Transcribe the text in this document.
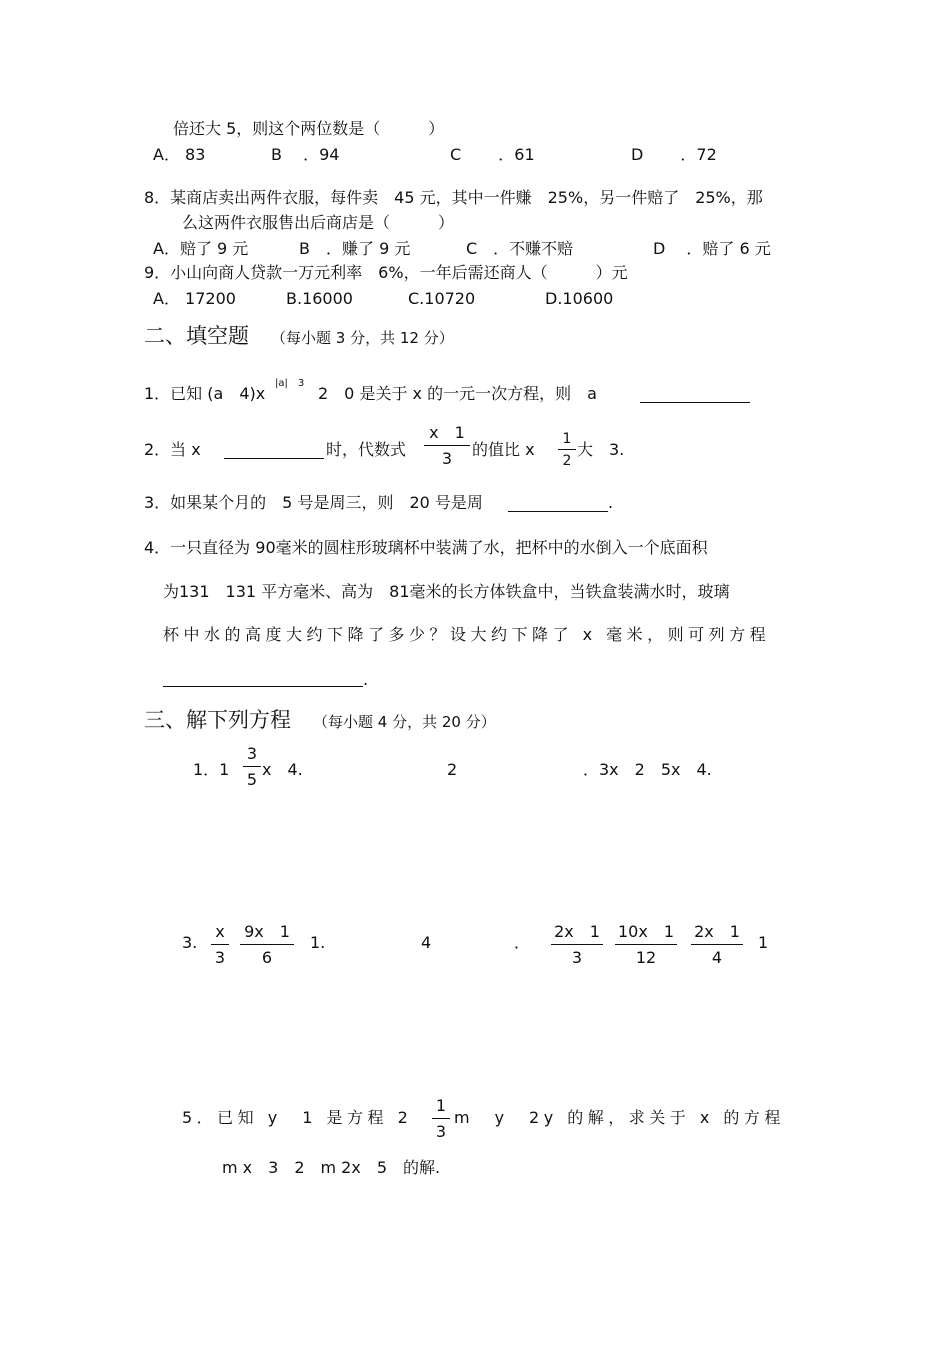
倍还大 5，则这个两位数是（　　　）
A． 83	B　 ．94	C　　 ．61	D　　 ．72
8．某商店卖出两件衣服，每件卖　45 元，其中一件赚　25%，另一件赔了　25%，那
么这两件衣服售出后商店是（　　　）
A．赔了 9 元	B　．赚了 9 元	C　．不赚不赔	D　 ．赔了 6 元
9．小山向商人贷款一万元利率　6%，一年后需还商人（　　　）元
A． 17200	B.16000	C.10720	D.10600
二、填空题 （每小题 3 分，共 12 分）
1．已知 (a　4)x
|a|　3
　2　0 是关于 x 的一元一次方程，则　a
2．当 x	时，代数式 $\frac{x 1}{3}$ 的值比 x $\frac{1}{2}$ 大　3.
3．如果某个月的　5 号是周三，则　20 号是周	.
4．一只直径为 90毫米的圆柱形玻璃杯中装满了水，把杯中的水倒入一个底面积
为131　131 平方毫米、高为　81毫米的长方体铁盒中，当铁盒装满水时，玻璃
杯中水的高度大约下降了多少？设大约下降了 x 毫米，则可列方程
.
三、解下列方程 （每小题 4 分，共 20 分）
1．$1 \frac{3}{5}$ x　4.	2	．3x　2　5x　4.
3. $\frac{x}{3} \frac{9x 1}{6} 1$.	4	． $\frac{2x 1}{3} \frac{10x 1}{12} \frac{2x 1}{4} 1$
5．已知 y　1 是方程 $2 \frac{1}{3}$ m　y　2y 的解，求关于 x 的方程
m x　3　2　m 2x　5　的解.
